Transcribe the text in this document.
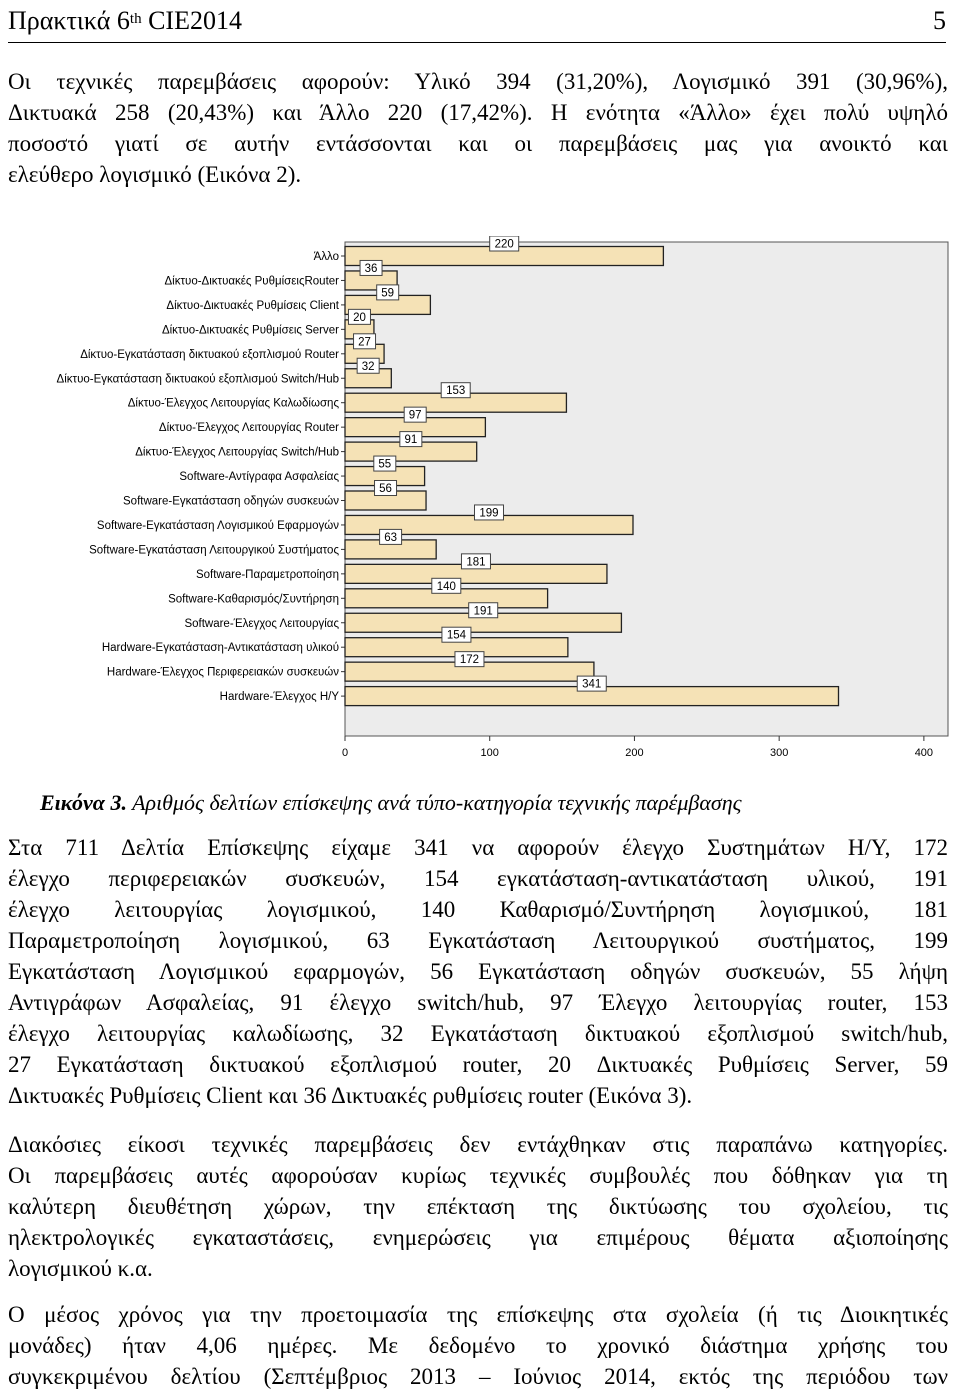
Πρακτικά 6th CIE2014	5
Οι τεχνικές παρεμβάσεις αφορούν: Υλικό 394 (31,20%), Λογισμικό 391 (30,96%),
Δικτυακά 258 (20,43%) και Άλλο 220 (17,42%). Η ενότητα «Άλλο» έχει πολύ υψηλό
ποσοστό γιατί σε αυτήν εντάσσονται και οι παρεμβάσεις μας για ανοικτό και
ελεύθερο λογισμικό (Εικόνα 2).
Άλλο
220
Δίκτυο-Δικτυακές ΡυθμίσειςRouter
36
Δίκτυο-Δικτυακές Ρυθμίσεις Client
59
Δίκτυο-Δικτυακές Ρυθμίσεις Server
20
Δίκτυο-Εγκατάσταση δικτυακού εξοπλισμού Router
27
Δίκτυο-Εγκατάσταση δικτυακού εξοπλισμού Switch/Hub
32
Δίκτυο-Έλεγχος Λειτουργίας Καλωδίωσης
153
Δίκτυο-Έλεγχος Λειτουργίας Router
97
Δίκτυο-Έλεγχος Λειτουργίας Switch/Hub
91
Software-Αντίγραφα Ασφαλείας
55
Software-Εγκατάσταση οδηγών συσκευών
56
Software-Εγκατάσταση Λογισμικού Εφαρμογών
199
Software-Εγκατάσταση Λειτουργικού Συστήματος
63
Software-Παραμετροποίηση
181
Software-Καθαρισμός/Συντήρηση
140
Software-Έλεγχος Λειτουργίας
191
Hardware-Εγκατάσταση-Αντικατάσταση υλικού
154
Hardware-Έλεγχος Περιφερειακών συσκευών
172
Hardware-Έλεγχος Η/Υ
341
0	100	200	300	400
Εικόνα 3. Αριθμός δελτίων επίσκεψης ανά τύπο-κατηγορία τεχνικής παρέμβασης
Στα 711 Δελτία Επίσκεψης είχαμε 341 να αφορούν έλεγχο Συστημάτων Η/Υ, 172
έλεγχο περιφερειακών συσκευών, 154 εγκατάσταση-αντικατάσταση υλικού, 191
έλεγχο λειτουργίας λογισμικού, 140 Καθαρισμό/Συντήρηση λογισμικού, 181
Παραμετροποίηση λογισμικού, 63 Εγκατάσταση Λειτουργικού συστήματος, 199
Εγκατάσταση Λογισμικού εφαρμογών, 56 Εγκατάσταση οδηγών συσκευών, 55 λήψη
Αντιγράφων Ασφαλείας, 91 έλεγχο switch/hub, 97 Έλεγχο λειτουργίας router, 153
έλεγχο λειτουργίας καλωδίωσης, 32 Εγκατάσταση δικτυακού εξοπλισμού switch/hub,
27 Εγκατάσταση δικτυακού εξοπλισμού router, 20 Δικτυακές Ρυθμίσεις Server, 59
Δικτυακές Ρυθμίσεις Client και 36 Δικτυακές ρυθμίσεις router (Εικόνα 3).
Διακόσιες είκοσι τεχνικές παρεμβάσεις δεν εντάχθηκαν στις παραπάνω κατηγορίες.
Οι παρεμβάσεις αυτές αφορούσαν κυρίως τεχνικές συμβουλές που δόθηκαν για τη
καλύτερη διευθέτηση χώρων, την επέκταση της δικτύωσης του σχολείου, τις
ηλεκτρολογικές εγκαταστάσεις, ενημερώσεις για επιμέρους θέματα αξιοποίησης
λογισμικού κ.α.
Ο μέσος χρόνος για την προετοιμασία της επίσκεψης στα σχολεία (ή τις Διοικητικές
μονάδες) ήταν 4,06 ημέρες. Με δεδομένο το χρονικό διάστημα χρήσης του
συγκεκριμένου δελτίου (Σεπτέμβριος 2013 – Ιούνιος 2014, εκτός της περιόδου των
